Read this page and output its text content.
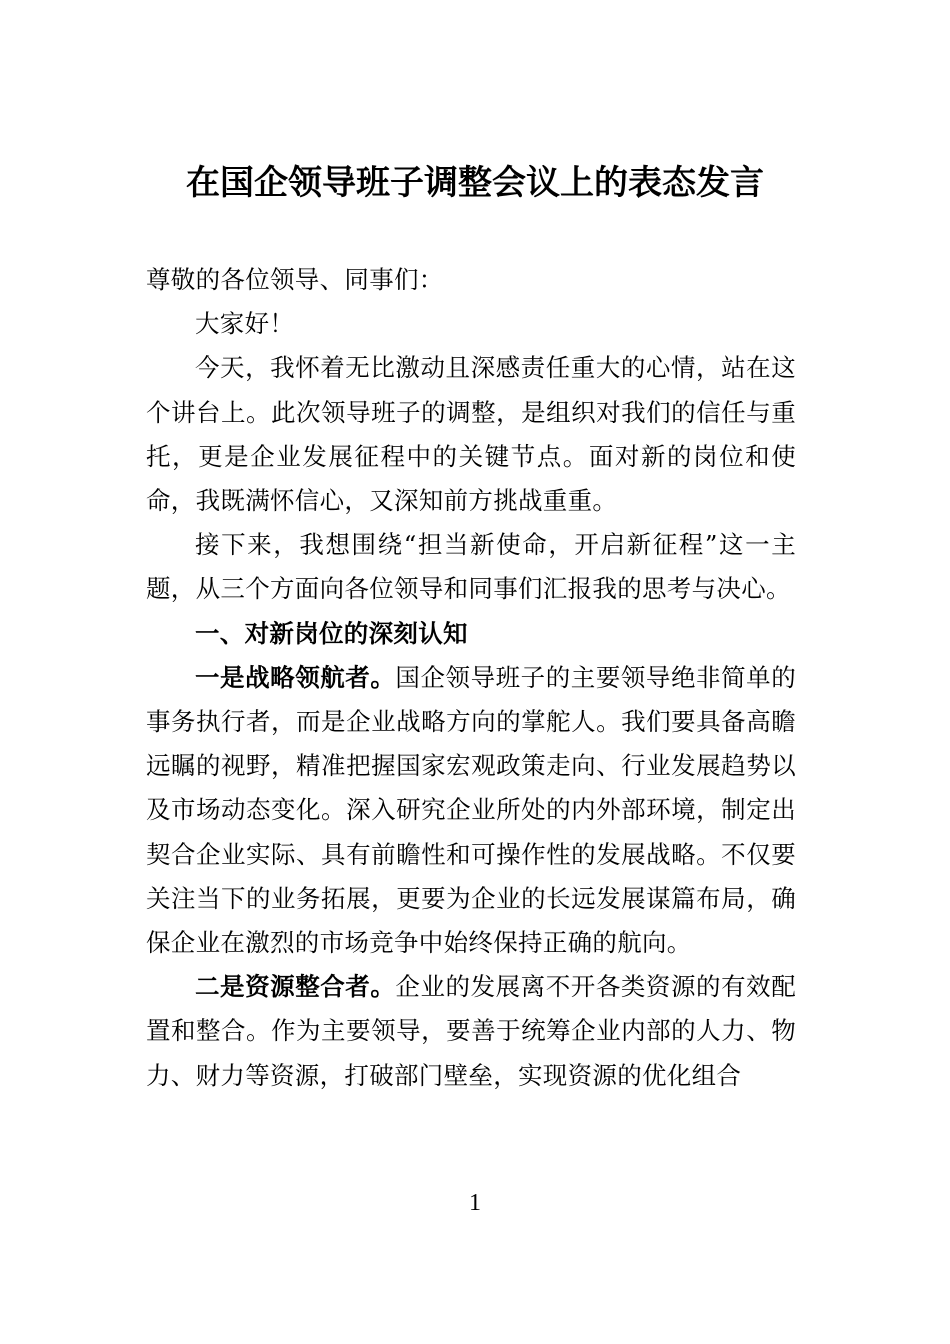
在国企领导班子调整会议上的表态发言

尊敬的各位领导、同事们：

大家好！

今天，我怀着无比激动且深感责任重大的心情，站在这个讲台上。此次领导班子的调整，是组织对我们的信任与重托，更是企业发展征程中的关键节点。面对新的岗位和使命，我既满怀信心，又深知前方挑战重重。

接下来，我想围绕“担当新使命，开启新征程”这一主题，从三个方面向各位领导和同事们汇报我的思考与决心。

一、对新岗位的深刻认知

一是战略领航者。国企领导班子的主要领导绝非简单的事务执行者，而是企业战略方向的掌舵人。我们要具备高瞻远瞩的视野，精准把握国家宏观政策走向、行业发展趋势以及市场动态变化。深入研究企业所处的内外部环境，制定出契合企业实际、具有前瞻性和可操作性的发展战略。不仅要关注当下的业务拓展，更要为企业的长远发展谋篇布局，确保企业在激烈的市场竞争中始终保持正确的航向。

二是资源整合者。企业的发展离不开各类资源的有效配置和整合。作为主要领导，要善于统筹企业内部的人力、物力、财力等资源，打破部门壁垒，实现资源的优化组合

1
